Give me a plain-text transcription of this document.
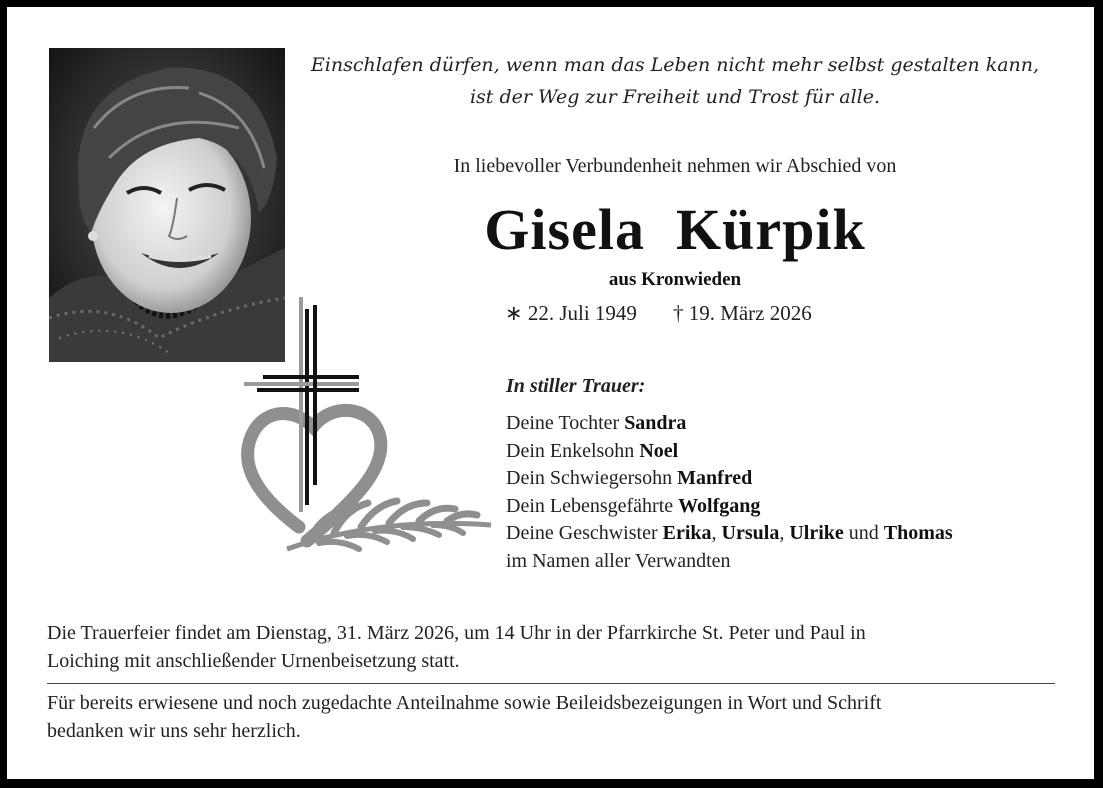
Einschlafen dürfen, wenn man das Leben nicht mehr selbst gestalten kann,
ist der Weg zur Freiheit und Trost für alle.
In liebevoller Verbundenheit nehmen wir Abschied von
Gisela  Kürpik
aus Kronwieden
∗ 22. Juli 1949 † 19. März 2026
In stiller Trauer:
Deine Tochter Sandra
Dein Enkelsohn Noel
Dein Schwiegersohn Manfred
Dein Lebensgefährte Wolfgang
Deine Geschwister Erika, Ursula, Ulrike und Thomas
im Namen aller Verwandten
Die Trauerfeier findet am Dienstag, 31. März 2026, um 14 Uhr in der Pfarrkirche St. Peter und Paul in
Loiching mit anschließender Urnenbeisetzung statt.
Für bereits erwiesene und noch zugedachte Anteilnahme sowie Beileidsbezeigungen in Wort und Schrift
bedanken wir uns sehr herzlich.
